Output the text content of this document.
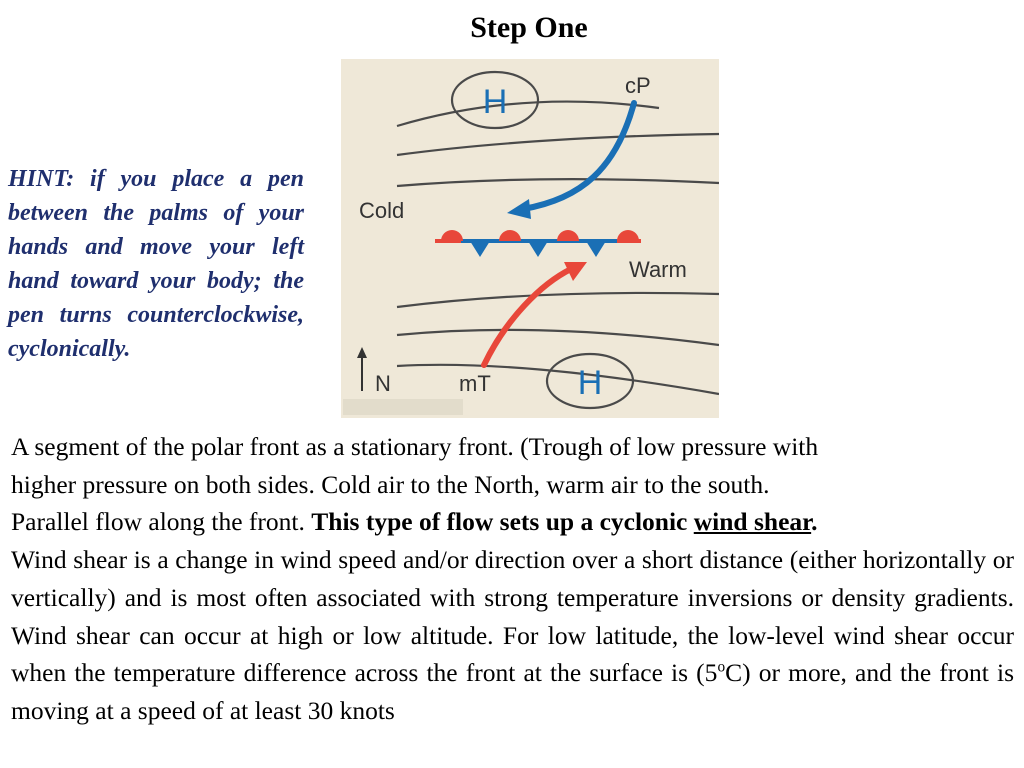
Step One
HINT: if you place a pen between the palms of your hands and move your left hand toward your body; the pen turns counterclockwise, cyclonically.
H
H
cP
Cold
Warm
mT
N
A segment of the polar front as a stationary front. (Trough of low pressure with
higher pressure on both sides. Cold air to the North, warm air to the south.
Parallel flow along the front. This type of flow sets up a cyclonic wind shear.
Wind shear is a change in wind speed and/or direction over a short distance (either horizontally or vertically) and is most often associated with strong temperature inversions or density gradients. Wind shear can occur at high or low altitude. For low latitude, the low-level wind shear occur when the temperature difference across the front at the surface is (5$^o$C) or more, and the front is moving at a speed of at least 30 knots
